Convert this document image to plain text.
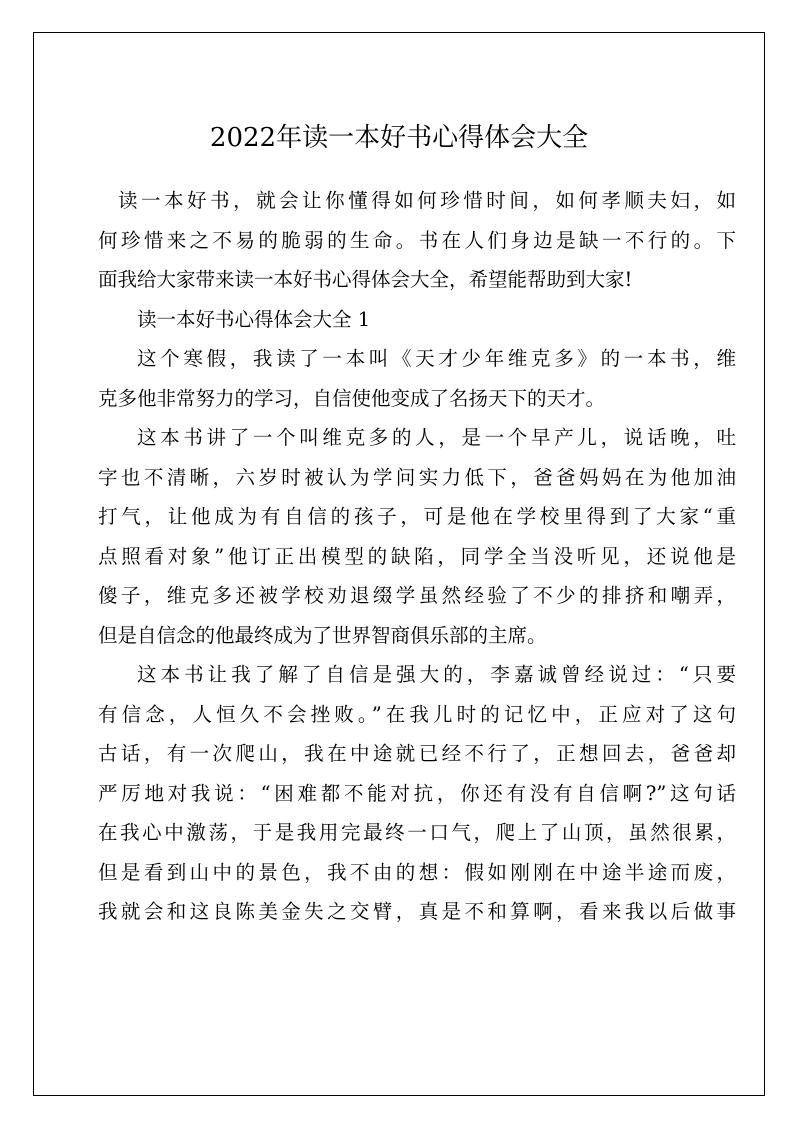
2022年读一本好书心得体会大全
读一本好书，就会让你懂得如何珍惜时间，如何孝顺夫妇，如
何珍惜来之不易的脆弱的生命。书在人们身边是缺一不行的。下
面我给大家带来读一本好书心得体会大全，希望能帮助到大家!
读一本好书心得体会大全 1
这个寒假，我读了一本叫《天才少年维克多》的一本书，维
克多他非常努力的学习，自信使他变成了名扬天下的天才。
这本书讲了一个叫维克多的人，是一个早产儿，说话晚，吐
字也不清晰，六岁时被认为学问实力低下，爸爸妈妈在为他加油
打气，让他成为有自信的孩子，可是他在学校里得到了大家“重
点照看对象”他订正出模型的缺陷，同学全当没听见，还说他是
傻子，维克多还被学校劝退缀学虽然经验了不少的排挤和嘲弄，
但是自信念的他最终成为了世界智商俱乐部的主席。
这本书让我了解了自信是强大的，李嘉诚曾经说过：“只要
有信念，人恒久不会挫败。”在我儿时的记忆中，正应对了这句
古话，有一次爬山，我在中途就已经不行了，正想回去，爸爸却
严厉地对我说：“困难都不能对抗，你还有没有自信啊?”这句话
在我心中激荡，于是我用完最终一口气，爬上了山顶，虽然很累，
但是看到山中的景色，我不由的想：假如刚刚在中途半途而废，
我就会和这良陈美金失之交臂，真是不和算啊，看来我以后做事
